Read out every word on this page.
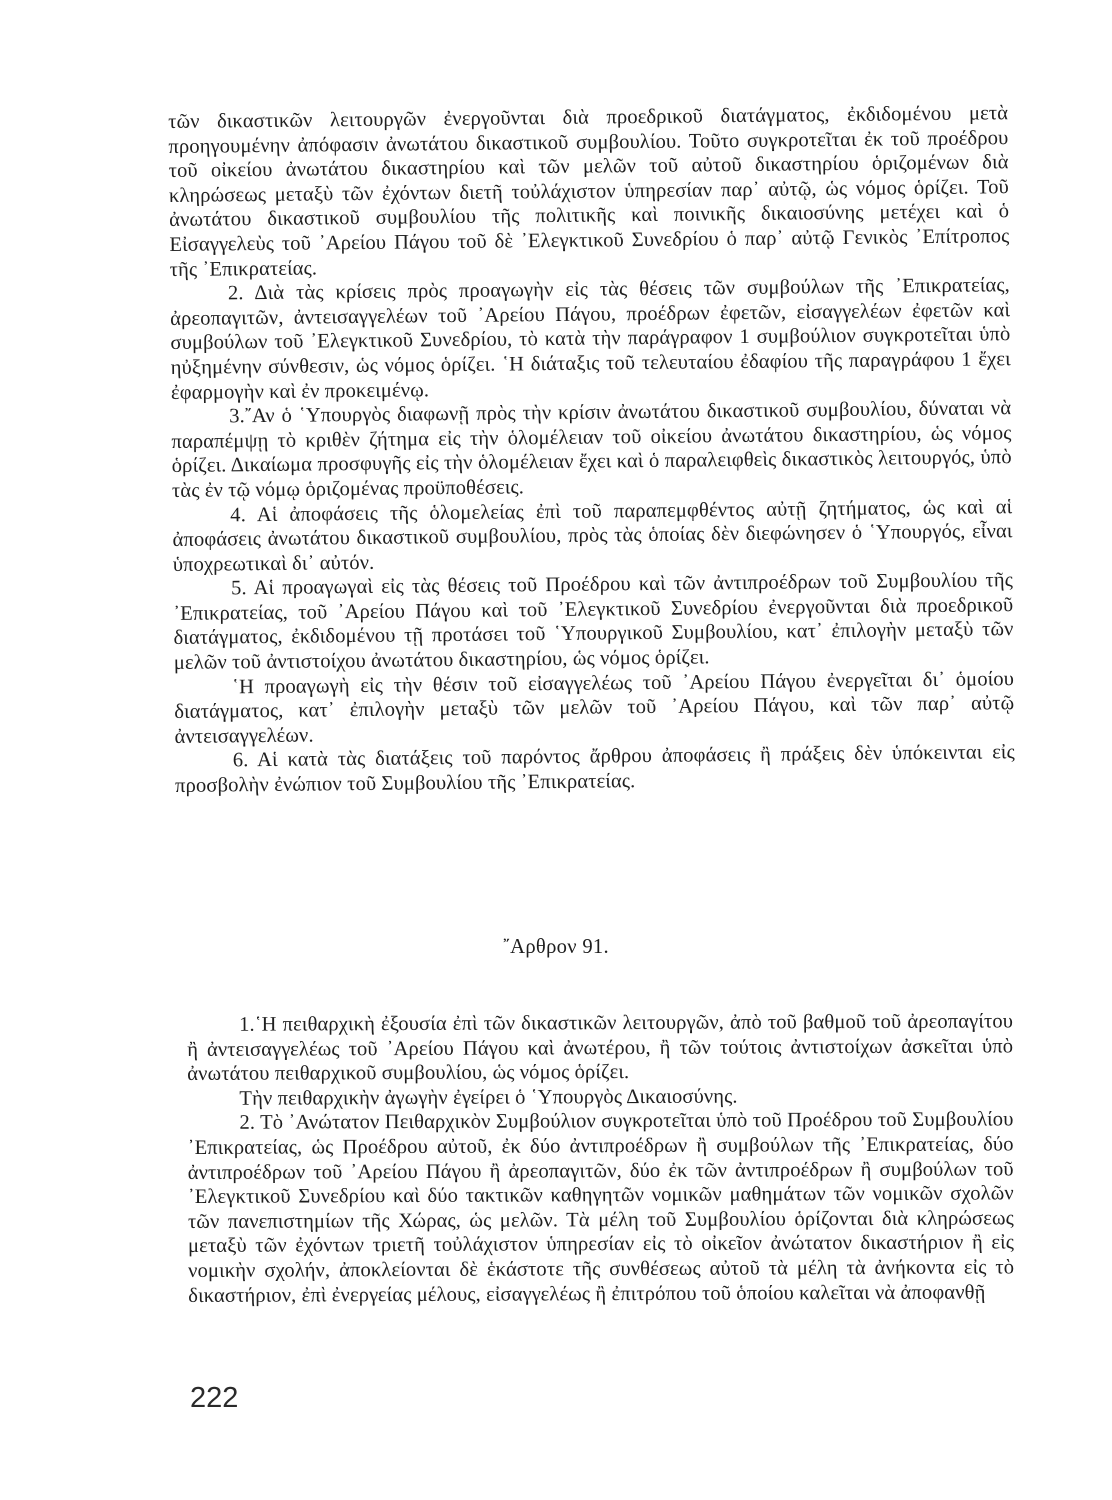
τῶν δικαστικῶν λειτουργῶν ἐνεργοῦνται διὰ προεδρικοῦ διατάγματος, ἐκδιδομένου μετὰ προηγουμένην ἀπόφασιν ἀνωτάτου δικαστικοῦ συμβουλίου. Τοῦτο συγκροτεῖται ἐκ τοῦ προέδρου τοῦ οἰκείου ἀνωτάτου δικαστηρίου καὶ τῶν μελῶν τοῦ αὐτοῦ δικαστηρίου ὁριζομένων διὰ κληρώσεως μεταξὺ τῶν ἐχόντων διετῆ τοὐλάχιστον ὑπηρεσίαν παρ᾿ αὐτῷ, ὡς νόμος ὁρίζει. Τοῦ ἀνωτάτου δικαστικοῦ συμβουλίου τῆς πολιτικῆς καὶ ποινικῆς δικαιοσύνης μετέχει καὶ ὁ Εἰσαγγελεὺς τοῦ ᾿Αρείου Πάγου τοῦ δὲ ᾿Ελεγκτικοῦ Συνεδρίου ὁ παρ᾿ αὐτῷ Γενικὸς ᾿Επίτροπος τῆς ᾿Επικρατείας.

2. Διὰ τὰς κρίσεις πρὸς προαγωγὴν εἰς τὰς θέσεις τῶν συμβούλων τῆς ᾿Επικρατείας, ἀρεοπαγιτῶν, ἀντεισαγγελέων τοῦ ᾿Αρείου Πάγου, προέδρων ἐφετῶν, εἰσαγγελέων ἐφετῶν καὶ συμβούλων τοῦ ᾿Ελεγκτικοῦ Συνεδρίου, τὸ κατὰ τὴν παράγραφον 1 συμβούλιον συγκροτεῖται ὑπὸ ηὐξημένην σύνθεσιν, ὡς νόμος ὁρίζει. ῾Η διάταξις τοῦ τελευταίου ἐδαφίου τῆς παραγράφου 1 ἔχει ἐφαρμογὴν καὶ ἐν προκειμένῳ.

3.῎Αν ὁ ῾Υπουργὸς διαφωνῇ πρὸς τὴν κρίσιν ἀνωτάτου δικαστικοῦ συμβουλίου, δύναται νὰ παραπέμψῃ τὸ κριθὲν ζήτημα εἰς τὴν ὁλομέλειαν τοῦ οἰκείου ἀνωτάτου δικαστηρίου, ὡς νόμος ὁρίζει. Δικαίωμα προσφυγῆς εἰς τὴν ὁλομέλειαν ἔχει καὶ ὁ παραλειφθεὶς δικαστικὸς λειτουργός, ὑπὸ τὰς ἐν τῷ νόμῳ ὁριζομένας προϋποθέσεις.

4. Αἱ ἀποφάσεις τῆς ὁλομελείας ἐπὶ τοῦ παραπεμφθέντος αὐτῇ ζητήματος, ὡς καὶ αἱ ἀποφάσεις ἀνωτάτου δικαστικοῦ συμβουλίου, πρὸς τὰς ὁποίας δὲν διεφώνησεν ὁ ῾Υπουργός, εἶναι ὑποχρεωτικαὶ δι᾿ αὐτόν.

5. Αἱ προαγωγαὶ εἰς τὰς θέσεις τοῦ Προέδρου καὶ τῶν ἀντιπροέδρων τοῦ Συμβουλίου τῆς ᾿Επικρατείας, τοῦ ᾿Αρείου Πάγου καὶ τοῦ ᾿Ελεγκτικοῦ Συνεδρίου ἐνεργοῦνται διὰ προεδρικοῦ διατάγματος, ἐκδιδομένου τῇ προτάσει τοῦ ῾Υπουργικοῦ Συμβουλίου, κατ᾿ ἐπιλογὴν μεταξὺ τῶν μελῶν τοῦ ἀντιστοίχου ἀνωτάτου δικαστηρίου, ὡς νόμος ὁρίζει.

῾Η προαγωγὴ εἰς τὴν θέσιν τοῦ εἰσαγγελέως τοῦ ᾿Αρείου Πάγου ἐνεργεῖται δι᾿ ὁμοίου διατάγματος, κατ᾿ ἐπιλογὴν μεταξὺ τῶν μελῶν τοῦ ᾿Αρείου Πάγου, καὶ τῶν παρ᾿ αὐτῷ ἀντεισαγγελέων.

6. Αἱ κατὰ τὰς διατάξεις τοῦ παρόντος ἄρθρου ἀποφάσεις ἢ πράξεις δὲν ὑπόκεινται εἰς προσβολὴν ἐνώπιον τοῦ Συμβουλίου τῆς ᾿Επικρατείας.

῎Αρθρον 91.

1.῾Η πειθαρχικὴ ἐξουσία ἐπὶ τῶν δικαστικῶν λειτουργῶν, ἀπὸ τοῦ βαθμοῦ τοῦ ἀρεοπαγίτου ἢ ἀντεισαγγελέως τοῦ ᾿Αρείου Πάγου καὶ ἀνωτέρου, ἢ τῶν τούτοις ἀντιστοίχων ἀσκεῖται ὑπὸ ἀνωτάτου πειθαρχικοῦ συμβουλίου, ὡς νόμος ὁρίζει.

Τὴν πειθαρχικὴν ἀγωγὴν ἐγείρει ὁ ῾Υπουργὸς Δικαιοσύνης.

2. Τὸ ᾿Ανώτατον Πειθαρχικὸν Συμβούλιον συγκροτεῖται ὑπὸ τοῦ Προέδρου τοῦ Συμβουλίου ᾿Επικρατείας, ὡς Προέδρου αὐτοῦ, ἐκ δύο ἀντιπροέδρων ἢ συμβούλων τῆς ᾿Επικρατείας, δύο ἀντιπροέδρων τοῦ ᾿Αρείου Πάγου ἢ ἀρεοπαγιτῶν, δύο ἐκ τῶν ἀντιπροέδρων ἢ συμβούλων τοῦ ᾿Ελεγκτικοῦ Συνεδρίου καὶ δύο τακτικῶν καθηγητῶν νομικῶν μαθημάτων τῶν νομικῶν σχολῶν τῶν πανεπιστημίων τῆς Χώρας, ὡς μελῶν. Τὰ μέλη τοῦ Συμβουλίου ὁρίζονται διὰ κληρώσεως μεταξὺ τῶν ἐχόντων τριετῆ τοὐλάχιστον ὑπηρεσίαν εἰς τὸ οἰκεῖον ἀνώτατον δικαστήριον ἢ εἰς νομικὴν σχολήν, ἀποκλείονται δὲ ἑκάστοτε τῆς συνθέσεως αὐτοῦ τὰ μέλη τὰ ἀνήκοντα εἰς τὸ δικαστήριον, ἐπὶ ἐνεργείας μέλους, εἰσαγγελέως ἢ ἐπιτρόπου τοῦ ὁποίου καλεῖται νὰ ἀποφανθῇ

222
